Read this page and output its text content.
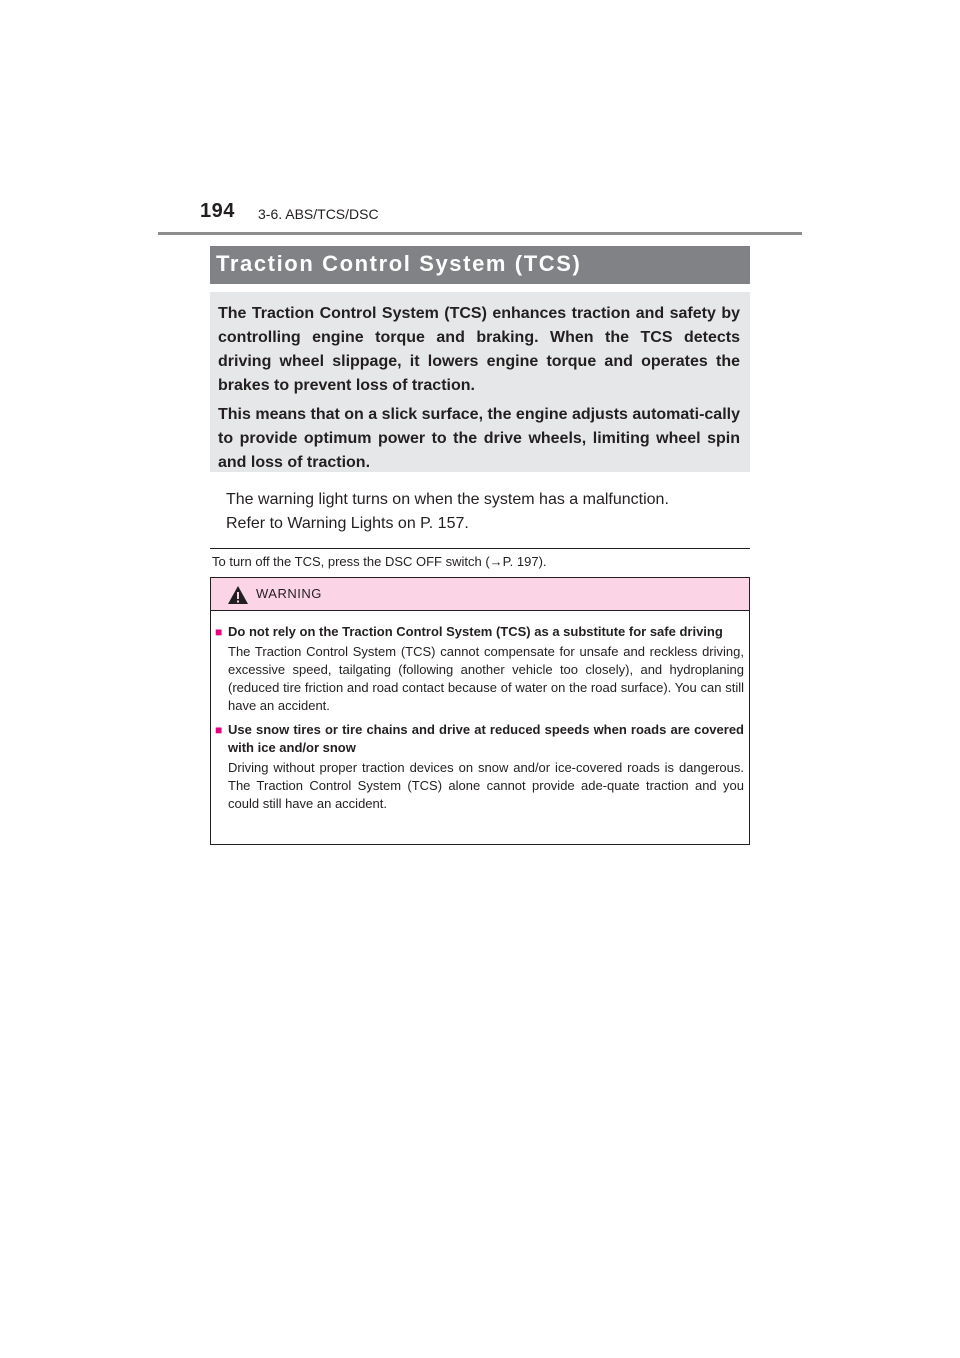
194 3-6. ABS/TCS/DSC
Traction Control System (TCS)

The Traction Control System (TCS) enhances traction and safety by controlling engine torque and braking. When the TCS detects driving wheel slippage, it lowers engine torque and operates the brakes to prevent loss of traction.

This means that on a slick surface, the engine adjusts automati-cally to provide optimum power to the drive wheels, limiting wheel spin and loss of traction.

The warning light turns on when the system has a malfunction.
Refer to Warning Lights on P. 157.
To turn off the TCS, press the DSC OFF switch (→P. 197).
WARNING
■ Do not rely on the Traction Control System (TCS) as a substitute for safe driving
The Traction Control System (TCS) cannot compensate for unsafe and reckless driving, excessive speed, tailgating (following another vehicle too closely), and hydroplaning (reduced tire friction and road contact because of water on the road surface). You can still have an accident.
■ Use snow tires or tire chains and drive at reduced speeds when roads are covered with ice and/or snow
Driving without proper traction devices on snow and/or ice-covered roads is dangerous. The Traction Control System (TCS) alone cannot provide ade-quate traction and you could still have an accident.
